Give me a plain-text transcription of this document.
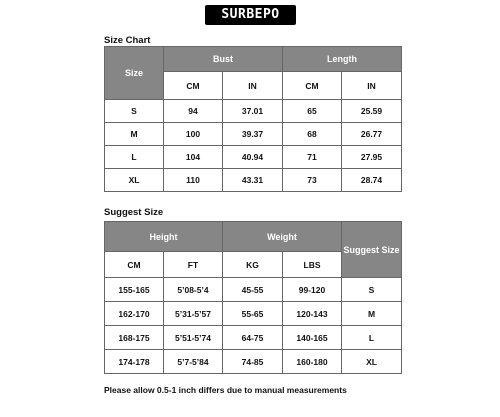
SURBEPO
Size Chart
Size	Bust		Length	
	CM	IN	CM	IN
S	94	37.01	65	25.59
M	100	39.37	68	26.77
L	104	40.94	71	27.95
XL	110	43.31	73	28.74
Suggest Size
Height		Weight		Suggest Size
CM	FT	KG	LBS	
155-165	5’08-5’4	45-55	99-120	S
162-170	5’31-5’57	55-65	120-143	M
168-175	5’51-5’74	64-75	140-165	L
174-178	5’7-5’84	74-85	160-180	XL
Please allow 0.5-1 inch differs due to manual measurements
